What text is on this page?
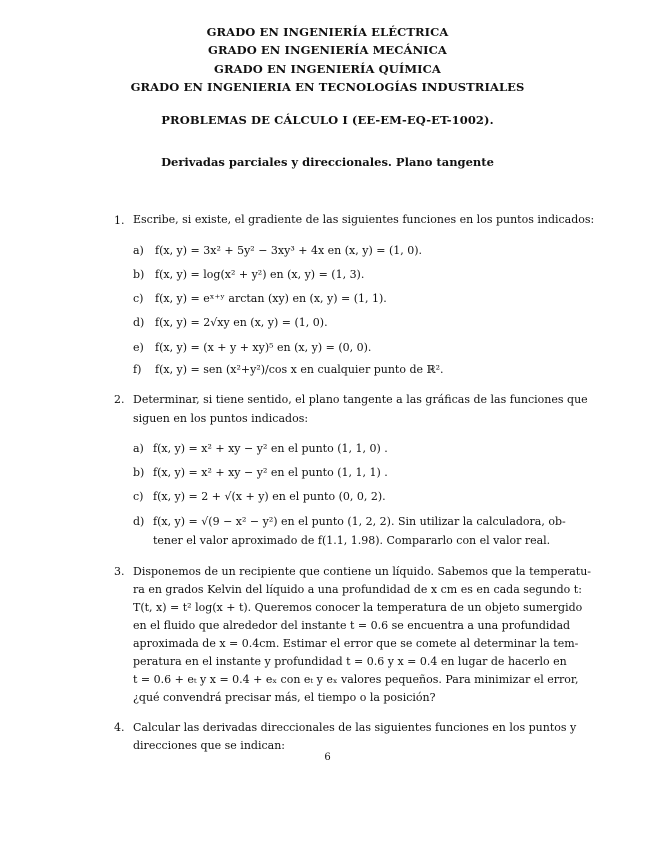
GRADO EN INGENIERÍA ELÉCTRICA
GRADO EN INGENIERÍA MECÁNICA
GRADO EN INGENIERÍA QUÍMICA
GRADO EN INGENIERIA EN TECNOLOGÍAS INDUSTRIALES
PROBLEMAS DE CÁLCULO I (EE-EM-EQ-ET-1002).
Derivadas parciales y direccionales. Plano tangente
1. Escribe, si existe, el gradiente de las siguientes funciones en los puntos indicados:
a) f(x, y) = 3x² + 5y² − 3xy³ + 4x en (x, y) = (1, 0).
b) f(x, y) = log(x² + y²) en (x, y) = (1, 3).
c) f(x, y) = eˣ⁺ʸ arctan (xy) en (x, y) = (1, 1).
d) f(x, y) = 2√xy en (x, y) = (1, 0).
e) f(x, y) = (x + y + xy)⁵ en (x, y) = (0, 0).
f) f(x, y) = sen (x²+y²)/cos x en cualquier punto de ℝ².
2. Determinar, si tiene sentido, el plano tangente a las gráficas de las funciones que
siguen en los puntos indicados:
a) f(x, y) = x² + xy − y² en el punto (1, 1, 0) .
b) f(x, y) = x² + xy − y² en el punto (1, 1, 1) .
c) f(x, y) = 2 + √(x + y) en el punto (0, 0, 2).
d) f(x, y) = √(9 − x² − y²) en el punto (1, 2, 2). Sin utilizar la calculadora, ob-
tener el valor aproximado de f(1.1, 1.98). Compararlo con el valor real.
3. Disponemos de un recipiente que contiene un líquido. Sabemos que la temperatu-
ra en grados Kelvin del líquido a una profundidad de x cm es en cada segundo t:
T(t, x) = t² log(x + t). Queremos conocer la temperatura de un objeto sumergido
en el fluido que alrededor del instante t = 0.6 se encuentra a una profundidad
aproximada de x = 0.4cm. Estimar el error que se comete al determinar la tem-
peratura en el instante y profundidad t = 0.6 y x = 0.4 en lugar de hacerlo en
t = 0.6 + eₜ y x = 0.4 + eₓ con eₜ y eₓ valores pequeños. Para minimizar el error,
¿qué convendrá precisar más, el tiempo o la posición?
4. Calcular las derivadas direccionales de las siguientes funciones en los puntos y
direcciones que se indican:
6
